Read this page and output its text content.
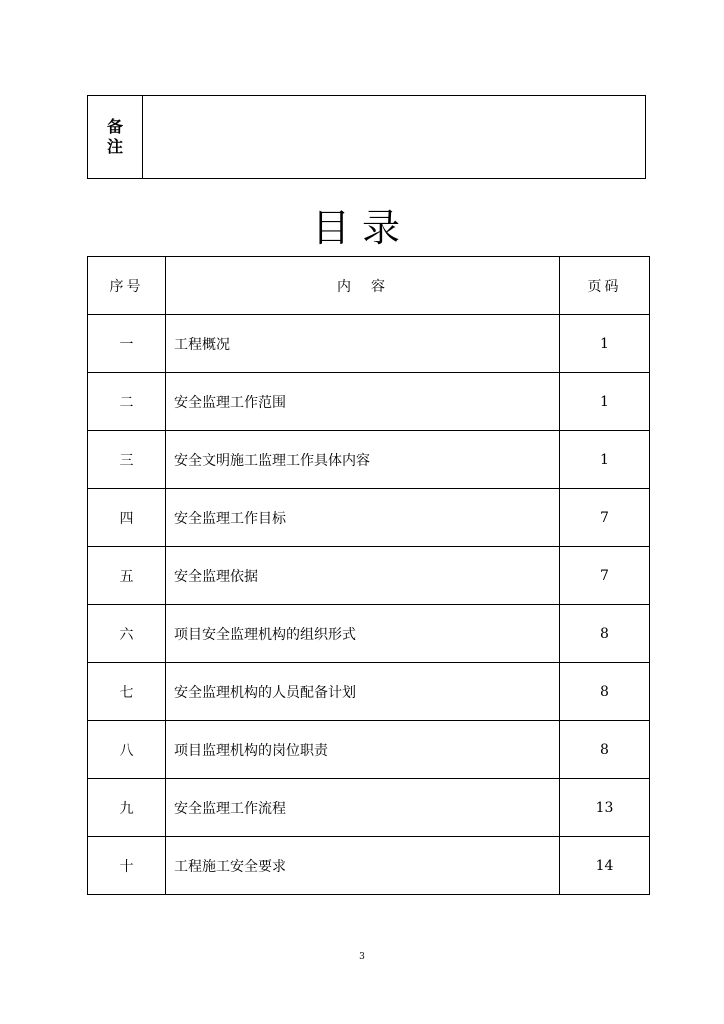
备注
目录
序号	内　容	页码
一	工程概况	1
二	安全监理工作范围	1
三	安全文明施工监理工作具体内容	1
四	安全监理工作目标	7
五	安全监理依据	7
六	项目安全监理机构的组织形式	8
七	安全监理机构的人员配备计划	8
八	项目监理机构的岗位职责	8
九	安全监理工作流程	13
十	工程施工安全要求	14
3
